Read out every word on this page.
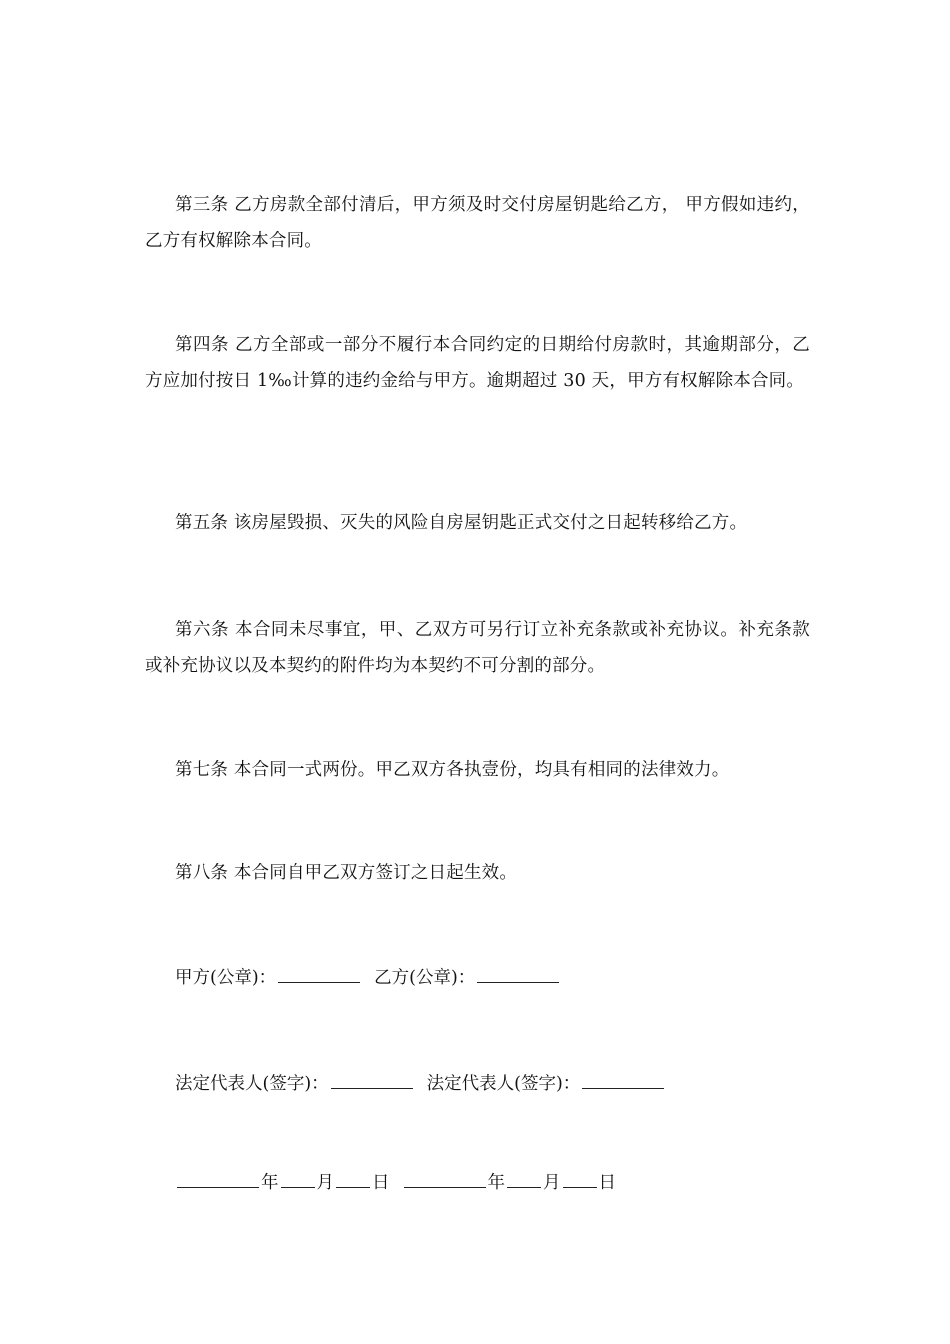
第三条 乙方房款全部付清后，甲方须及时交付房屋钥匙给乙方， 甲方假如违约，乙方有权解除本合同。

第四条 乙方全部或一部分不履行本合同约定的日期给付房款时，其逾期部分，乙方应加付按日 1‰计算的违约金给与甲方。逾期超过 30 天，甲方有权解除本合同。

第五条 该房屋毁损、灭失的风险自房屋钥匙正式交付之日起转移给乙方。

第六条 本合同未尽事宜，甲、乙双方可另行订立补充条款或补充协议。补充条款或补充协议以及本契约的附件均为本契约不可分割的部分。

第七条 本合同一式两份。甲乙双方各执壹份，均具有相同的法律效力。

第八条 本合同自甲乙双方签订之日起生效。

甲方(公章)：	乙方(公章)：
法定代表人(签字)：	法定代表人(签字)：
年 月 日	年 月 日
